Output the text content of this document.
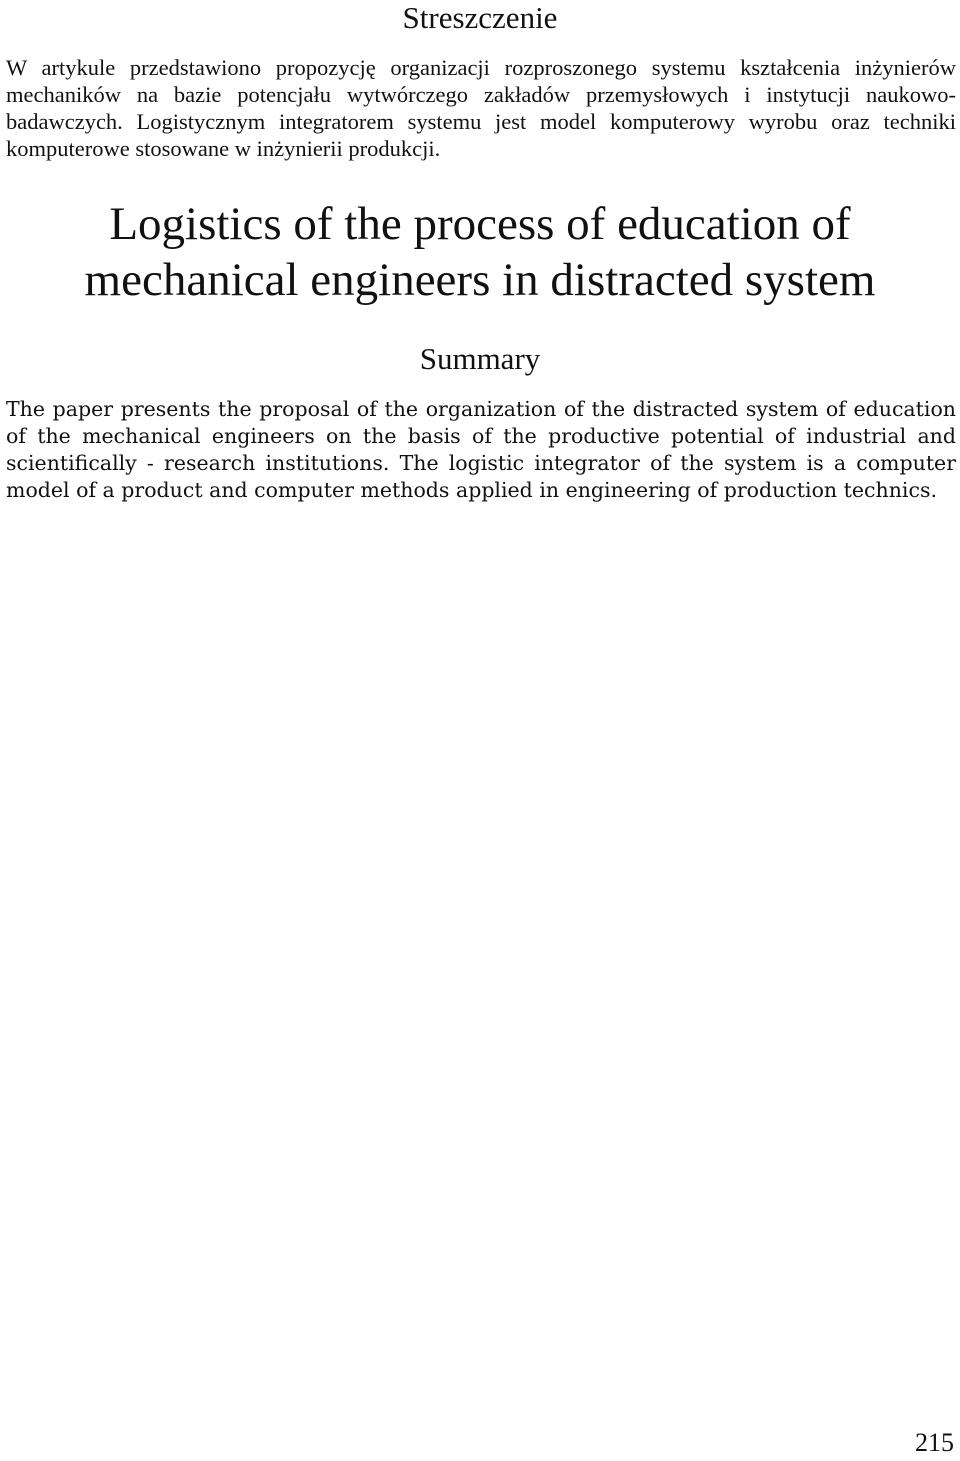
Streszczenie

W artykule przedstawiono propozycję organizacji rozproszonego systemu kształcenia inżynierów mechaników na bazie potencjału wytwórczego zakładów przemysłowych i instytucji naukowo-badawczych. Logistycznym integratorem systemu jest model komputerowy wyrobu oraz techniki komputerowe stosowane w inżynierii produkcji.

Logistics of the process of education of mechanical engineers in distracted system
Summary

The paper presents the proposal of the organization of the distracted system of education of the mechanical engineers on the basis of the productive potential of industrial and scientifically - research institutions. The logistic integrator of the system is a computer model of a product and computer methods applied in engineering of production technics.

215
